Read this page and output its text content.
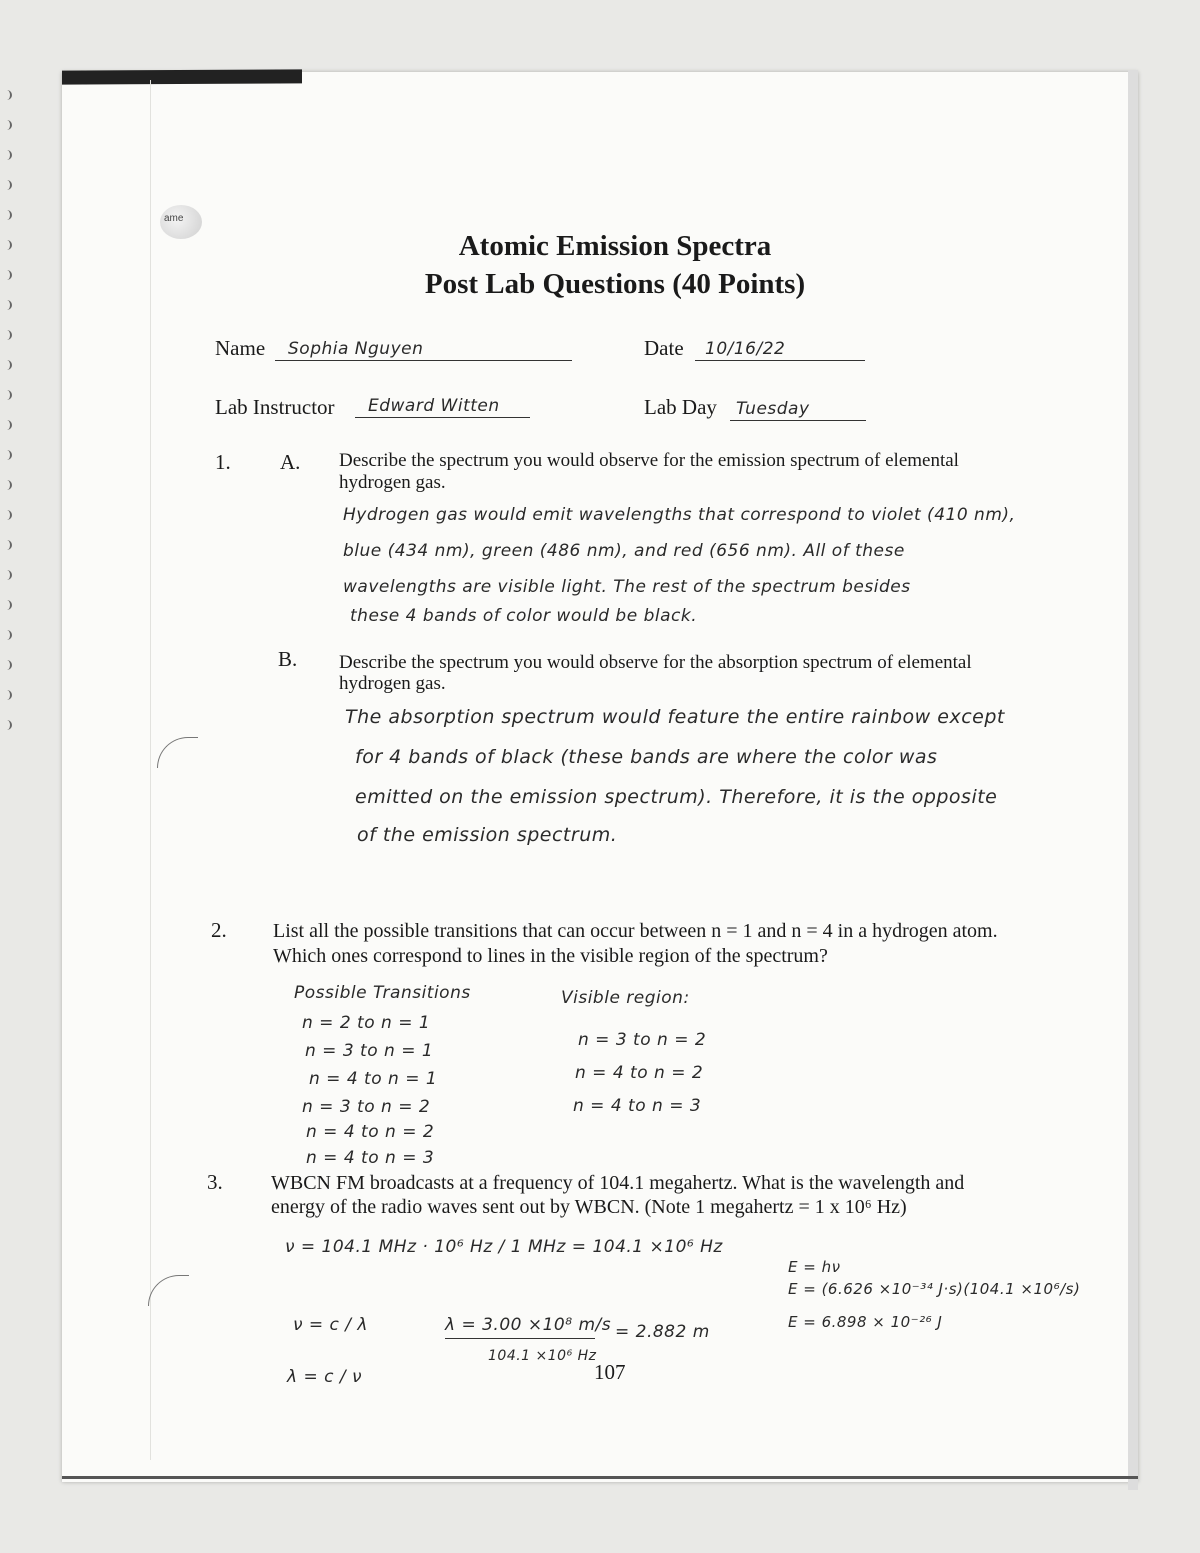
ame
Atomic Emission Spectra
Post Lab Questions (40 Points)
Name Sophia Nguyen	Date 10/16/22
Lab Instructor Edward Witten	Lab Day Tuesday
1. A. Describe the spectrum you would observe for the emission spectrum of elemental
hydrogen gas.
Hydrogen gas would emit wavelengths that correspond to violet (410 nm),
blue (434 nm), green (486 nm), and red (656 nm). All of these
wavelengths are visible light. The rest of the spectrum besides
these 4 bands of color would be black.
B. Describe the spectrum you would observe for the absorption spectrum of elemental
hydrogen gas.
The absorption spectrum would feature the entire rainbow except
for 4 bands of black (these bands are where the color was
emitted on the emission spectrum). Therefore, it is the opposite
of the emission spectrum.
2. List all the possible transitions that can occur between n = 1 and n = 4 in a hydrogen atom.
Which ones correspond to lines in the visible region of the spectrum?
Possible Transitions
n = 2 to n = 1
n = 3 to n = 1
n = 4 to n = 1
n = 3 to n = 2
n = 4 to n = 2
n = 4 to n = 3
Visible region:
n = 3 to n = 2
n = 4 to n = 2
n = 4 to n = 3
3. WBCN FM broadcasts at a frequency of 104.1 megahertz. What is the wavelength and
energy of the radio waves sent out by WBCN. (Note 1 megahertz = 1 x 10⁶ Hz)
ν = 104.1 MHz · 10⁶ Hz / 1 MHz = 104.1 ×10⁶ Hz
ν = c / λ
λ = c / ν
λ = 3.00 ×10⁸ m/s
104.1 ×10⁶ Hz
= 2.882 m
E = hν
E = (6.626 ×10⁻³⁴ J·s)(104.1 ×10⁶/s)
E = 6.898 × 10⁻²⁶ J
107
